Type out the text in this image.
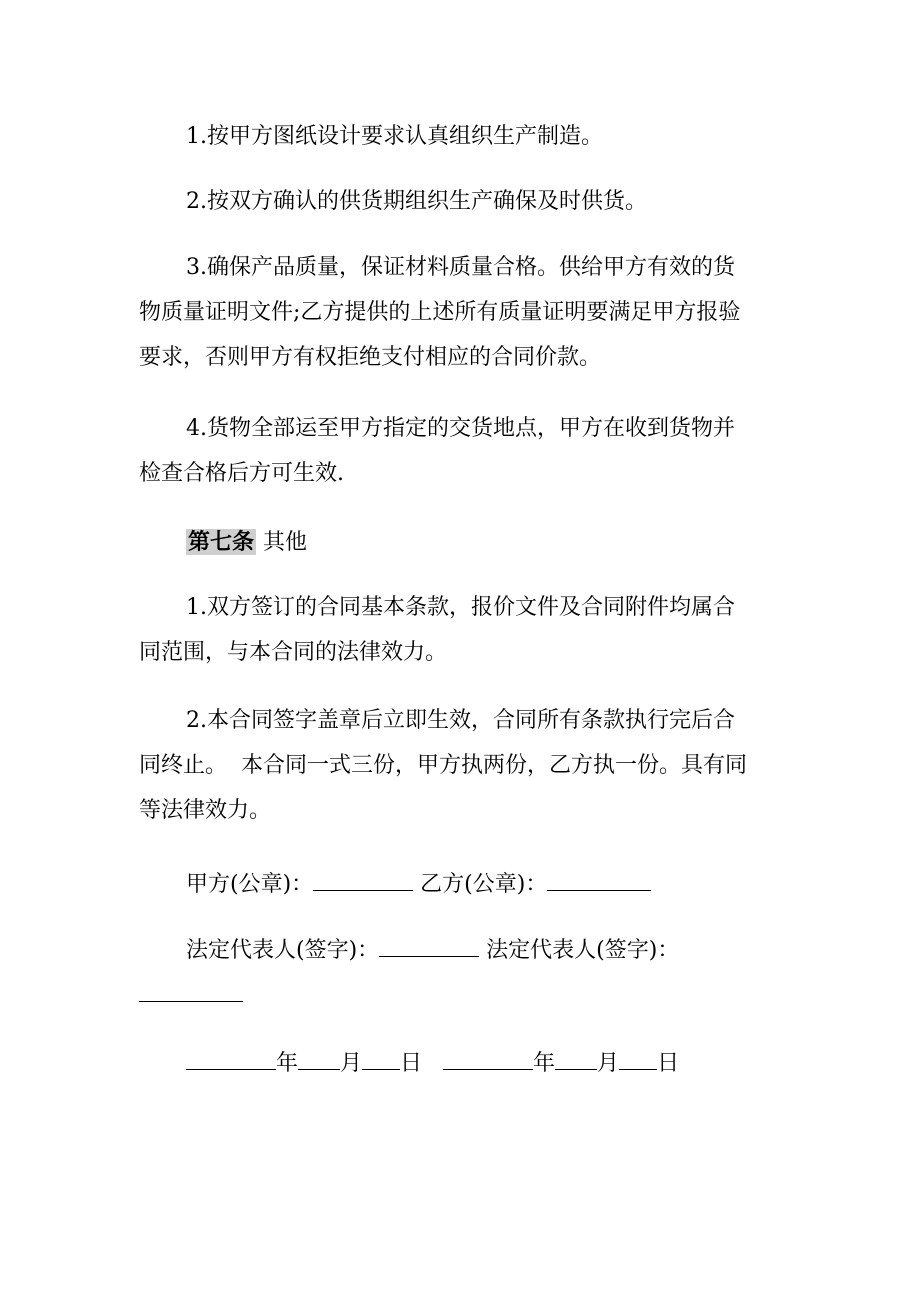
1.按甲方图纸设计要求认真组织生产制造。
2.按双方确认的供货期组织生产确保及时供货。
3.确保产品质量，保证材料质量合格。供给甲方有效的货
物质量证明文件;乙方提供的上述所有质量证明要满足甲方报验
要求，否则甲方有权拒绝支付相应的合同价款。
4.货物全部运至甲方指定的交货地点，甲方在收到货物并
检查合格后方可生效.
第七条 其他
1.双方签订的合同基本条款，报价文件及合同附件均属合
同范围，与本合同的法律效力。
2.本合同签字盖章后立即生效，合同所有条款执行完后合
同终止。  本合同一式三份，甲方执两份，乙方执一份。具有同
等法律效力。
甲方(公章)：	乙方(公章)：
法定代表人(签字)：	法定代表人(签字)：
年 月 日	年 月 日
